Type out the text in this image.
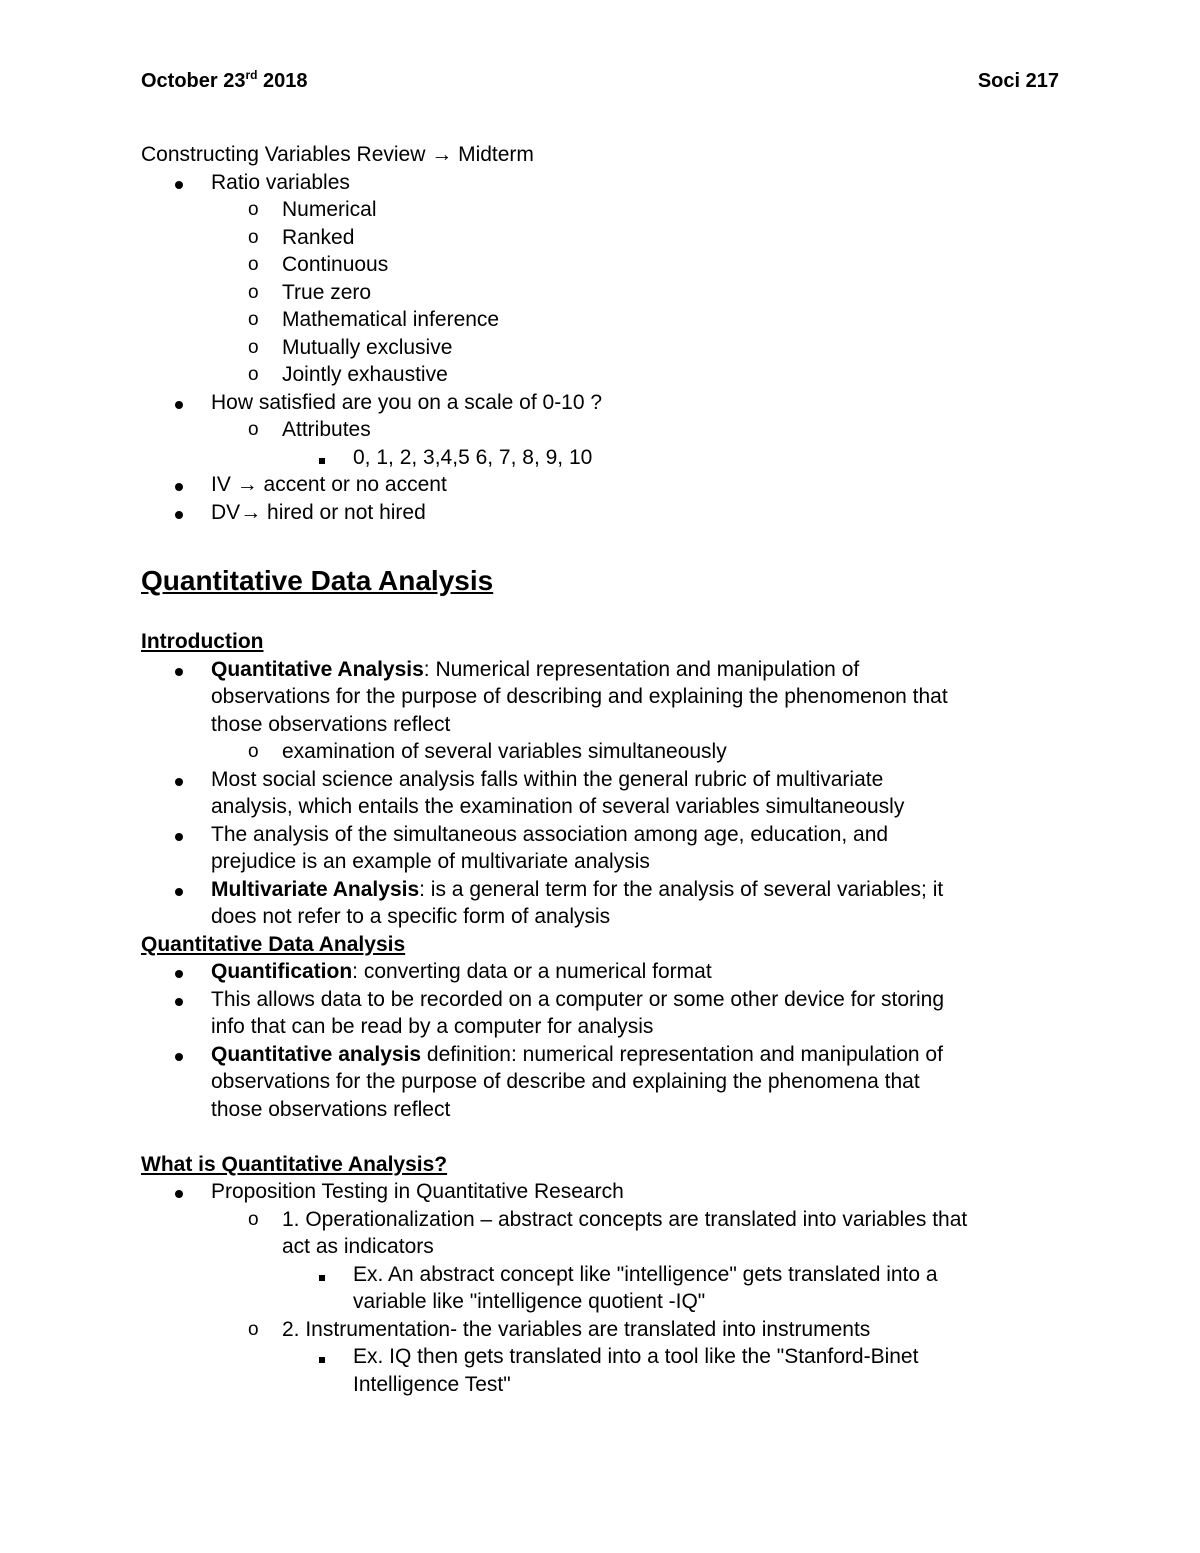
October 23rd 2018	Soci 217
Constructing Variables Review → Midterm
Ratio variables
o Numerical
o Ranked
o Continuous
o True zero
o Mathematical inference
o Mutually exclusive
o Jointly exhaustive
How satisfied are you on a scale of 0-10 ?
o Attributes
0, 1, 2, 3,4,5 6, 7, 8, 9, 10
IV → accent or no accent
DV→ hired or not hired
Quantitative Data Analysis
Introduction
Quantitative Analysis: Numerical representation and manipulation of
observations for the purpose of describing and explaining the phenomenon that
those observations reflect
o examination of several variables simultaneously
Most social science analysis falls within the general rubric of multivariate
analysis, which entails the examination of several variables simultaneously
The analysis of the simultaneous association among age, education, and
prejudice is an example of multivariate analysis
Multivariate Analysis: is a general term for the analysis of several variables; it
does not refer to a specific form of analysis
Quantitative Data Analysis
Quantification: converting data or a numerical format
This allows data to be recorded on a computer or some other device for storing
info that can be read by a computer for analysis
Quantitative analysis definition: numerical representation and manipulation of
observations for the purpose of describe and explaining the phenomena that
those observations reflect
What is Quantitative Analysis?
Proposition Testing in Quantitative Research
o 1. Operationalization – abstract concepts are translated into variables that
act as indicators
Ex. An abstract concept like "intelligence" gets translated into a
variable like "intelligence quotient -IQ"
o 2. Instrumentation- the variables are translated into instruments
Ex. IQ then gets translated into a tool like the "Stanford-Binet
Intelligence Test"
